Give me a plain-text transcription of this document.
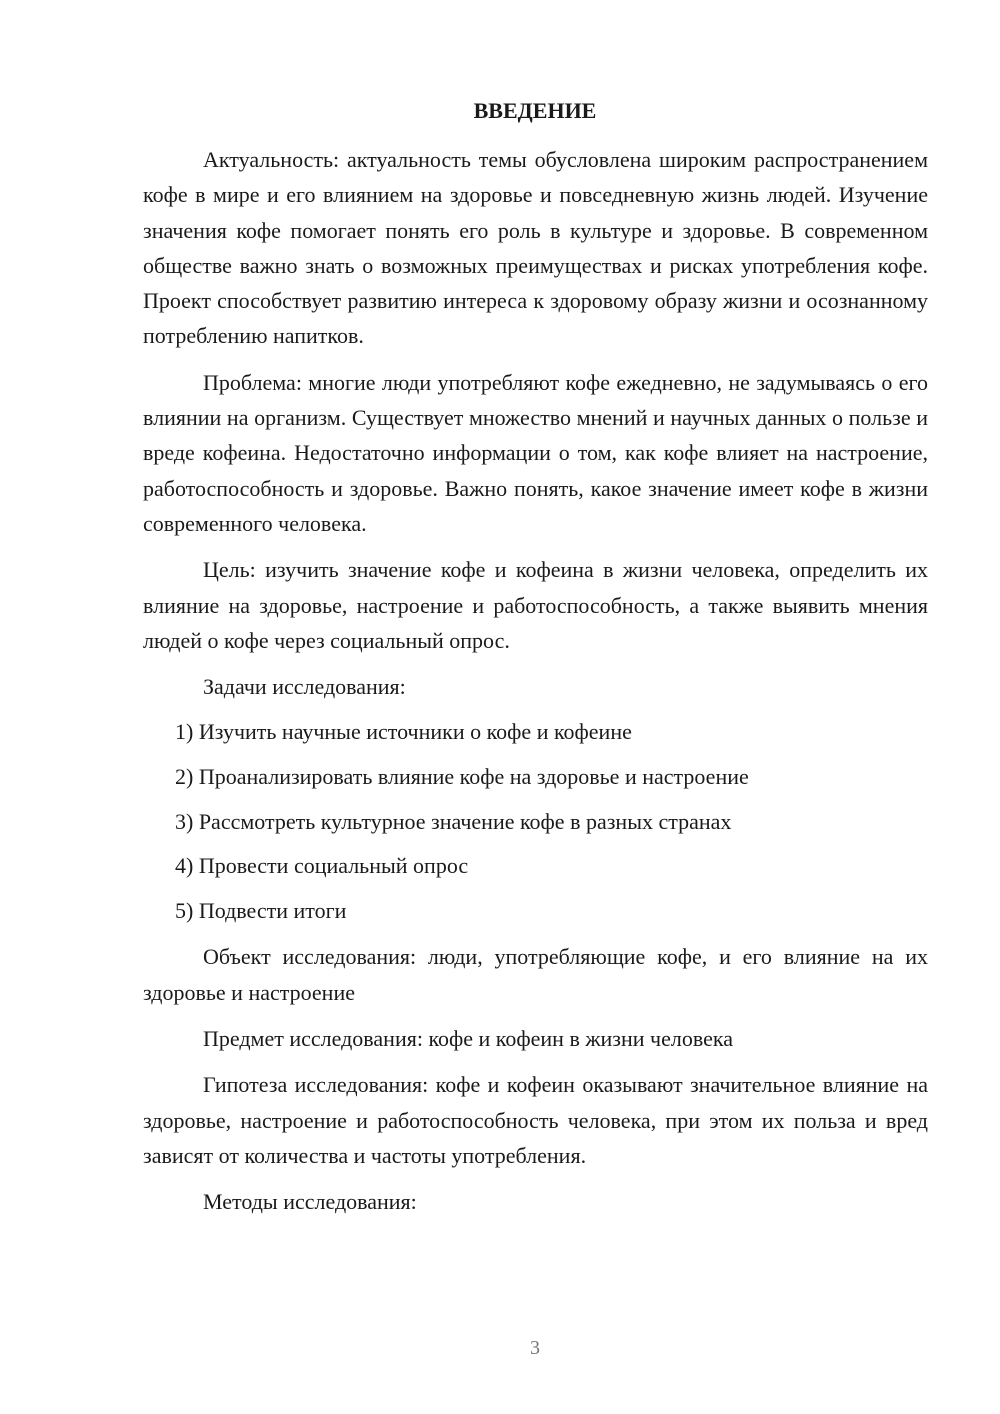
ВВЕДЕНИЕ

Актуальность: актуальность темы обусловлена широким распространением кофе в мире и его влиянием на здоровье и повседневную жизнь людей. Изучение значения кофе помогает понять его роль в культуре и здоровье. В современном обществе важно знать о возможных преимуществах и рисках употребления кофе. Проект способствует развитию интереса к здоровому образу жизни и осознанному потреблению напитков.

Проблема: многие люди употребляют кофе ежедневно, не задумываясь о его влиянии на организм. Существует множество мнений и научных данных о пользе и вреде кофеина. Недостаточно информации о том, как кофе влияет на настроение, работоспособность и здоровье. Важно понять, какое значение имеет кофе в жизни современного человека.

Цель: изучить значение кофе и кофеина в жизни человека, определить их влияние на здоровье, настроение и работоспособность, а также выявить мнения людей о кофе через социальный опрос.

Задачи исследования:

1) Изучить научные источники о кофе и кофеине

2) Проанализировать влияние кофе на здоровье и настроение

3) Рассмотреть культурное значение кофе в разных странах

4) Провести социальный опрос

5) Подвести итоги

Объект исследования: люди, употребляющие кофе, и его влияние на их здоровье и настроение

Предмет исследования: кофе и кофеин в жизни человека

Гипотеза исследования: кофе и кофеин оказывают значительное влияние на здоровье, настроение и работоспособность человека, при этом их польза и вред зависят от количества и частоты употребления.

Методы исследования:

3
